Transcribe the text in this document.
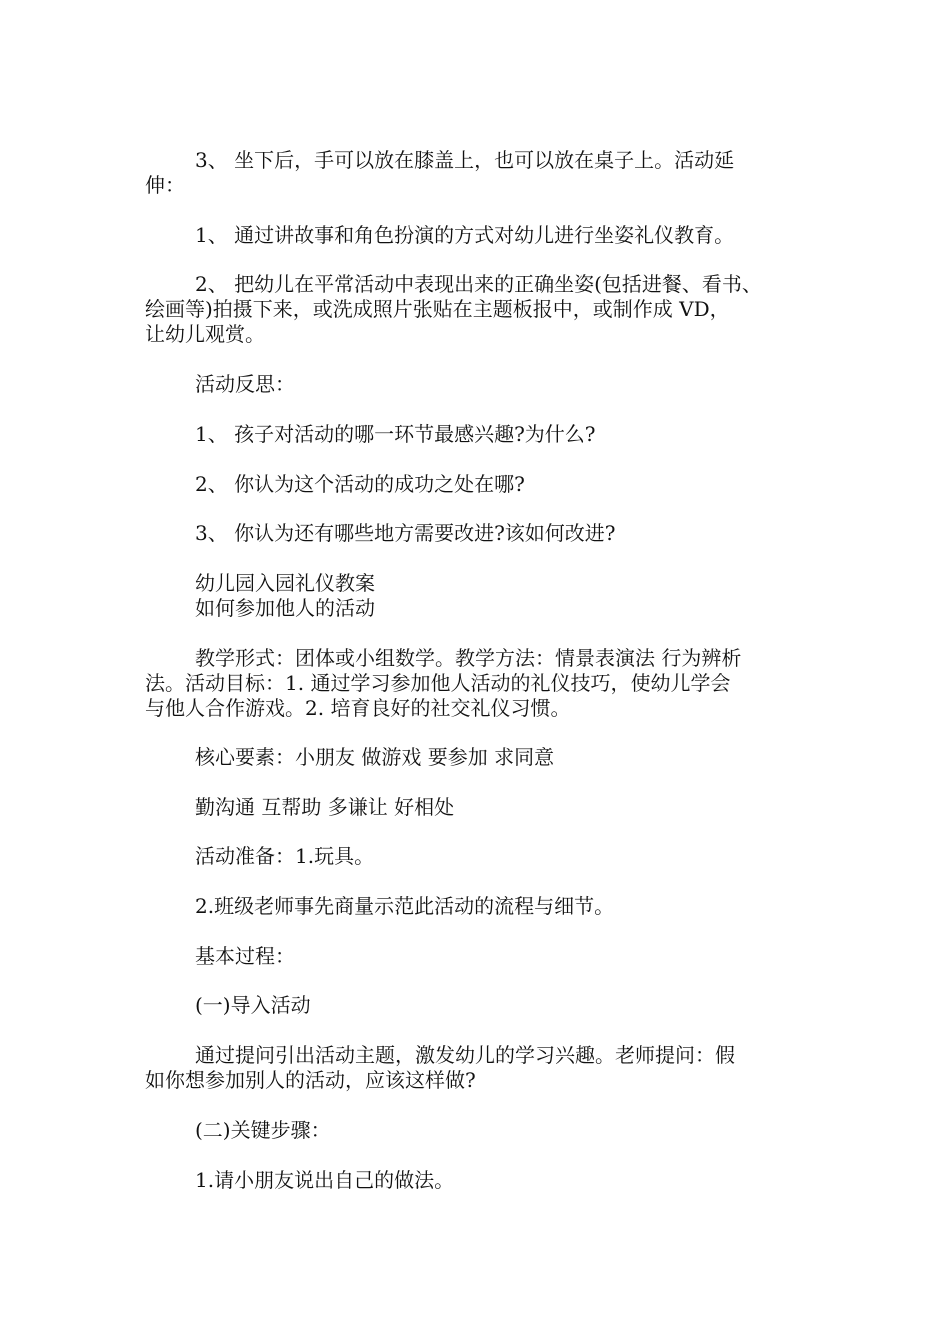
3、 坐下后，手可以放在膝盖上，也可以放在桌子上。活动延
伸：

1、 通过讲故事和角色扮演的方式对幼儿进行坐姿礼仪教育。

2、 把幼儿在平常活动中表现出来的正确坐姿(包括进餐、看书、
绘画等)拍摄下来，或洗成照片张贴在主题板报中，或制作成 VD，
让幼儿观赏。

活动反思：

1、 孩子对活动的哪一环节最感兴趣?为什么?

2、 你认为这个活动的成功之处在哪?

3、 你认为还有哪些地方需要改进?该如何改进?

幼儿园入园礼仪教案
如何参加他人的活动

教学形式：团体或小组数学。教学方法：情景表演法 行为辨析
法。活动目标：1. 通过学习参加他人活动的礼仪技巧，使幼儿学会
与他人合作游戏。2. 培育良好的社交礼仪习惯。

核心要素：小朋友 做游戏 要参加 求同意

勤沟通 互帮助 多谦让 好相处

活动准备：1.玩具。

2.班级老师事先商量示范此活动的流程与细节。

基本过程：

(一)导入活动

通过提问引出活动主题，激发幼儿的学习兴趣。老师提问：假
如你想参加别人的活动，应该这样做?

(二)关键步骤：

1.请小朋友说出自己的做法。
